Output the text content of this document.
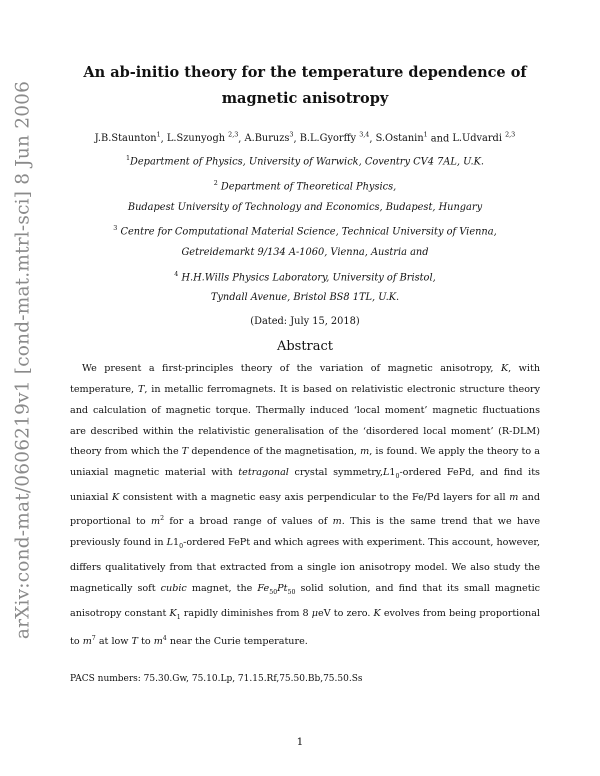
arXiv:cond-mat/0606219v1 [cond-mat.mtrl-sci] 8 Jun 2006
An ab-initio theory for the temperature dependence of magnetic anisotropy
J.B.Staunton$^1$, L.Szunyogh $^{2,3}$, A.Buruzs$^3$, B.L.Gyorffy $^{3,4}$, S.Ostanin$^1$ and L.Udvardi $^{2,3}$
$^1$Department of Physics, University of Warwick, Coventry CV4 7AL, U.K.
$^2$ Department of Theoretical Physics,
Budapest University of Technology and Economics, Budapest, Hungary
$^3$ Centre for Computational Material Science, Technical University of Vienna,
Getreidemarkt 9/134 A-1060, Vienna, Austria and
$^4$ H.H.Wills Physics Laboratory, University of Bristol,
Tyndall Avenue, Bristol BS8 1TL, U.K.
(Dated: July 15, 2018)
Abstract

We present a first-principles theory of the variation of magnetic anisotropy, K, with temperature, T, in metallic ferromagnets. It is based on relativistic electronic structure theory and calculation of magnetic torque. Thermally induced ‘local moment’ magnetic fluctuations are described within the relativistic generalisation of the ‘disordered local moment’ (R-DLM) theory from which the T dependence of the magnetisation, m, is found. We apply the theory to a uniaxial magnetic material with tetragonal crystal $symmetry,L1_0$-ordered FePd, and find its uniaxial K consistent with a magnetic easy axis perpendicular to the Fe/Pd layers for all m and proportional to $m^2$ for a broad range of values of m. This is the same trend that we have previously found in $L1_0$-ordered FePt and which agrees with experiment. This account, however, differs qualitatively from that extracted from a single ion anisotropy model. We also study the magnetically soft cubic magnet, the $Fe_{50}Pt_{50}$ solid solution, and find that its small magnetic anisotropy constant $K_1$ rapidly diminishes from 8 μeV to zero. K evolves from being proportional to $m^7$ at low T to $m^4$ near the Curie temperature.

PACS numbers: 75.30.Gw, 75.10.Lp, 71.15.Rf,75.50.Bb,75.50.Ss
1
